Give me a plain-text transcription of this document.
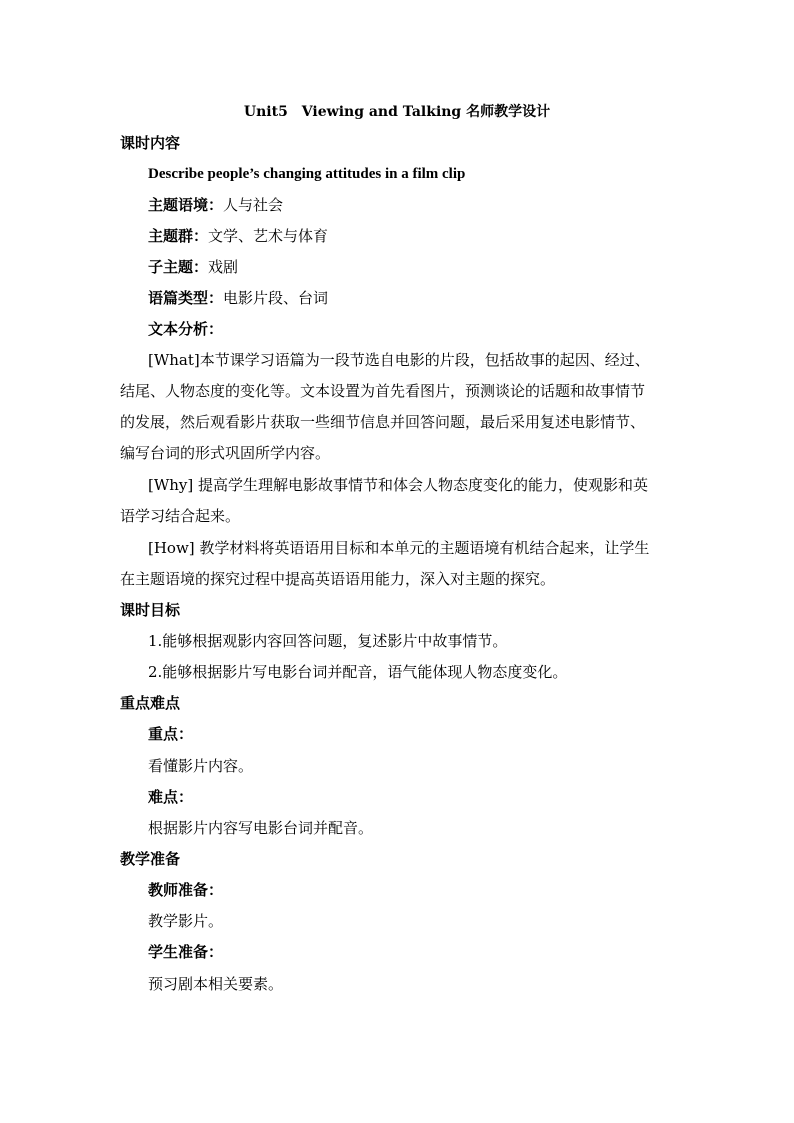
Unit5　Viewing and Talking 名师教学设计
课时内容
Describe people’s changing attitudes in a film clip
主题语境：人与社会
主题群：文学、艺术与体育
子主题：戏剧
语篇类型：电影片段、台词
文本分析：
[What]本节课学习语篇为一段节选自电影的片段，包括故事的起因、经过、
结尾、人物态度的变化等。文本设置为首先看图片，预测谈论的话题和故事情节
的发展，然后观看影片获取一些细节信息并回答问题，最后采用复述电影情节、
编写台词的形式巩固所学内容。
[Why] 提高学生理解电影故事情节和体会人物态度变化的能力，使观影和英
语学习结合起来。
[How] 教学材料将英语语用目标和本单元的主题语境有机结合起来，让学生
在主题语境的探究过程中提高英语语用能力，深入对主题的探究。
课时目标
1.能够根据观影内容回答问题，复述影片中故事情节。
2.能够根据影片写电影台词并配音，语气能体现人物态度变化。
重点难点
重点：
看懂影片内容。
难点：
根据影片内容写电影台词并配音。
教学准备
教师准备：
教学影片。
学生准备：
预习剧本相关要素。
